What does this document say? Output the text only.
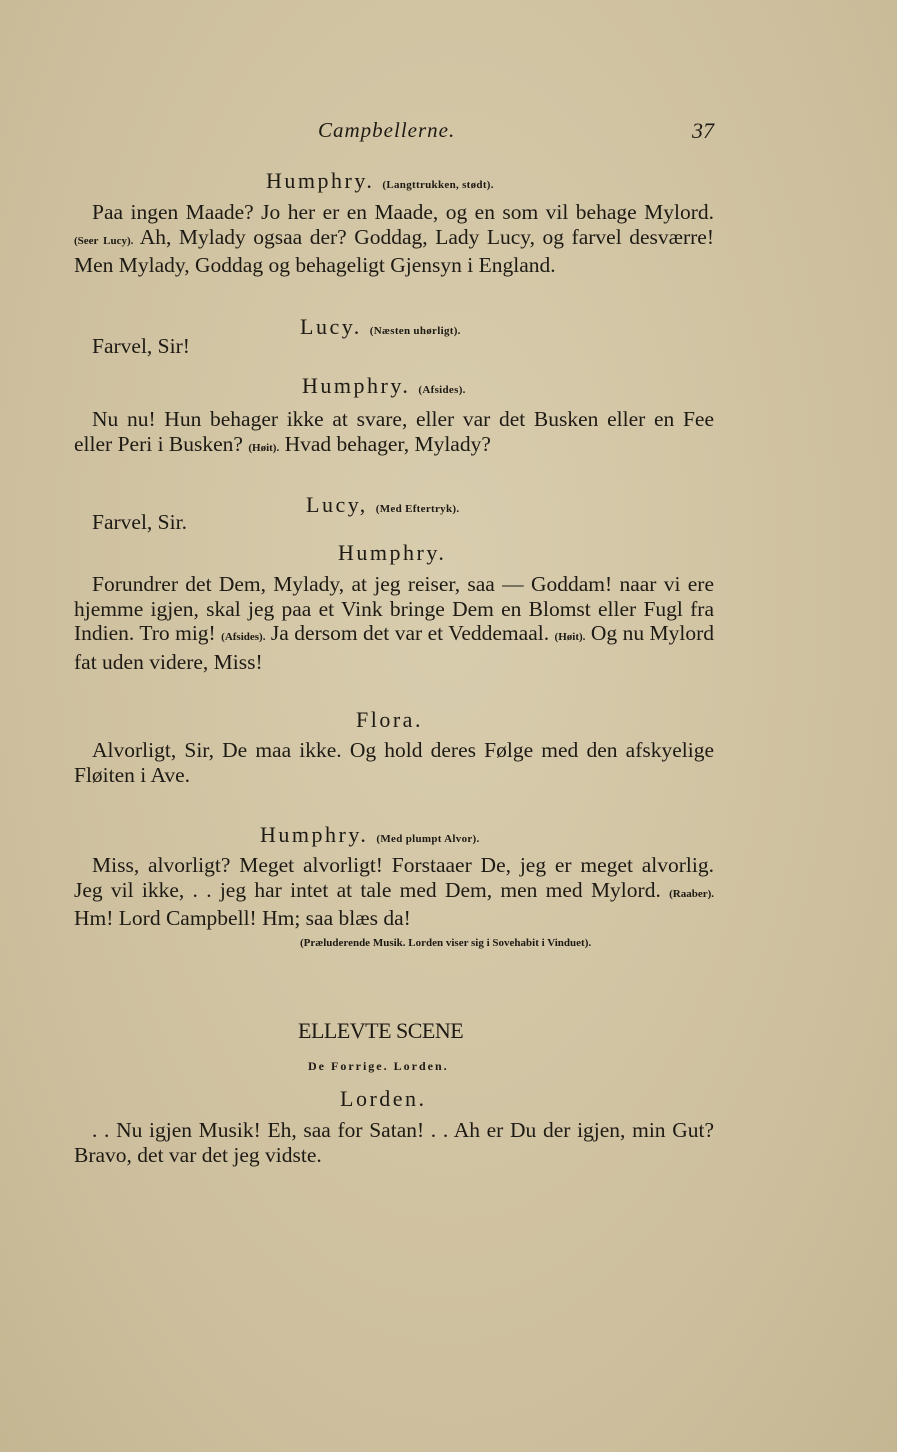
Campbellerne.	37
Humphry. (Langttrukken, stødt).
Paa ingen Maade? Jo her er en Maade, og en som vil behage Mylord. (Seer Lucy). Ah, Mylady ogsaa der? Goddag, Lady Lucy, og farvel desværre! Men Mylady, Goddag og behageligt Gjensyn i England.
Lucy. (Næsten uhørligt).
Farvel, Sir!
Humphry. (Afsides).
Nu nu! Hun behager ikke at svare, eller var det Busken eller en Fee eller Peri i Busken? (Høit). Hvad behager, Mylady?
Lucy, (Med Eftertryk).
Farvel, Sir.
Humphry.
Forundrer det Dem, Mylady, at jeg reiser, saa — Goddam! naar vi ere hjemme igjen, skal jeg paa et Vink bringe Dem en Blomst eller Fugl fra Indien. Tro mig! (Afsides). Ja dersom det var et Veddemaal. (Høit). Og nu Mylord fat uden videre, Miss!
Flora.
Alvorligt, Sir, De maa ikke. Og hold deres Følge med den afskyelige Fløiten i Ave.
Humphry. (Med plumpt Alvor).
Miss, alvorligt? Meget alvorligt! Forstaaer De, jeg er meget alvorlig. Jeg vil ikke, . . jeg har intet at tale med Dem, men med Mylord. (Raaber). Hm! Lord Campbell! Hm; saa blæs da!
(Præluderende Musik. Lorden viser sig i Sovehabit i Vinduet).
ELLEVTE SCENE
De Forrige. Lorden.
Lorden.
. . Nu igjen Musik! Eh, saa for Satan! . . Ah er Du der igjen, min Gut? Bravo, det var det jeg vidste.
